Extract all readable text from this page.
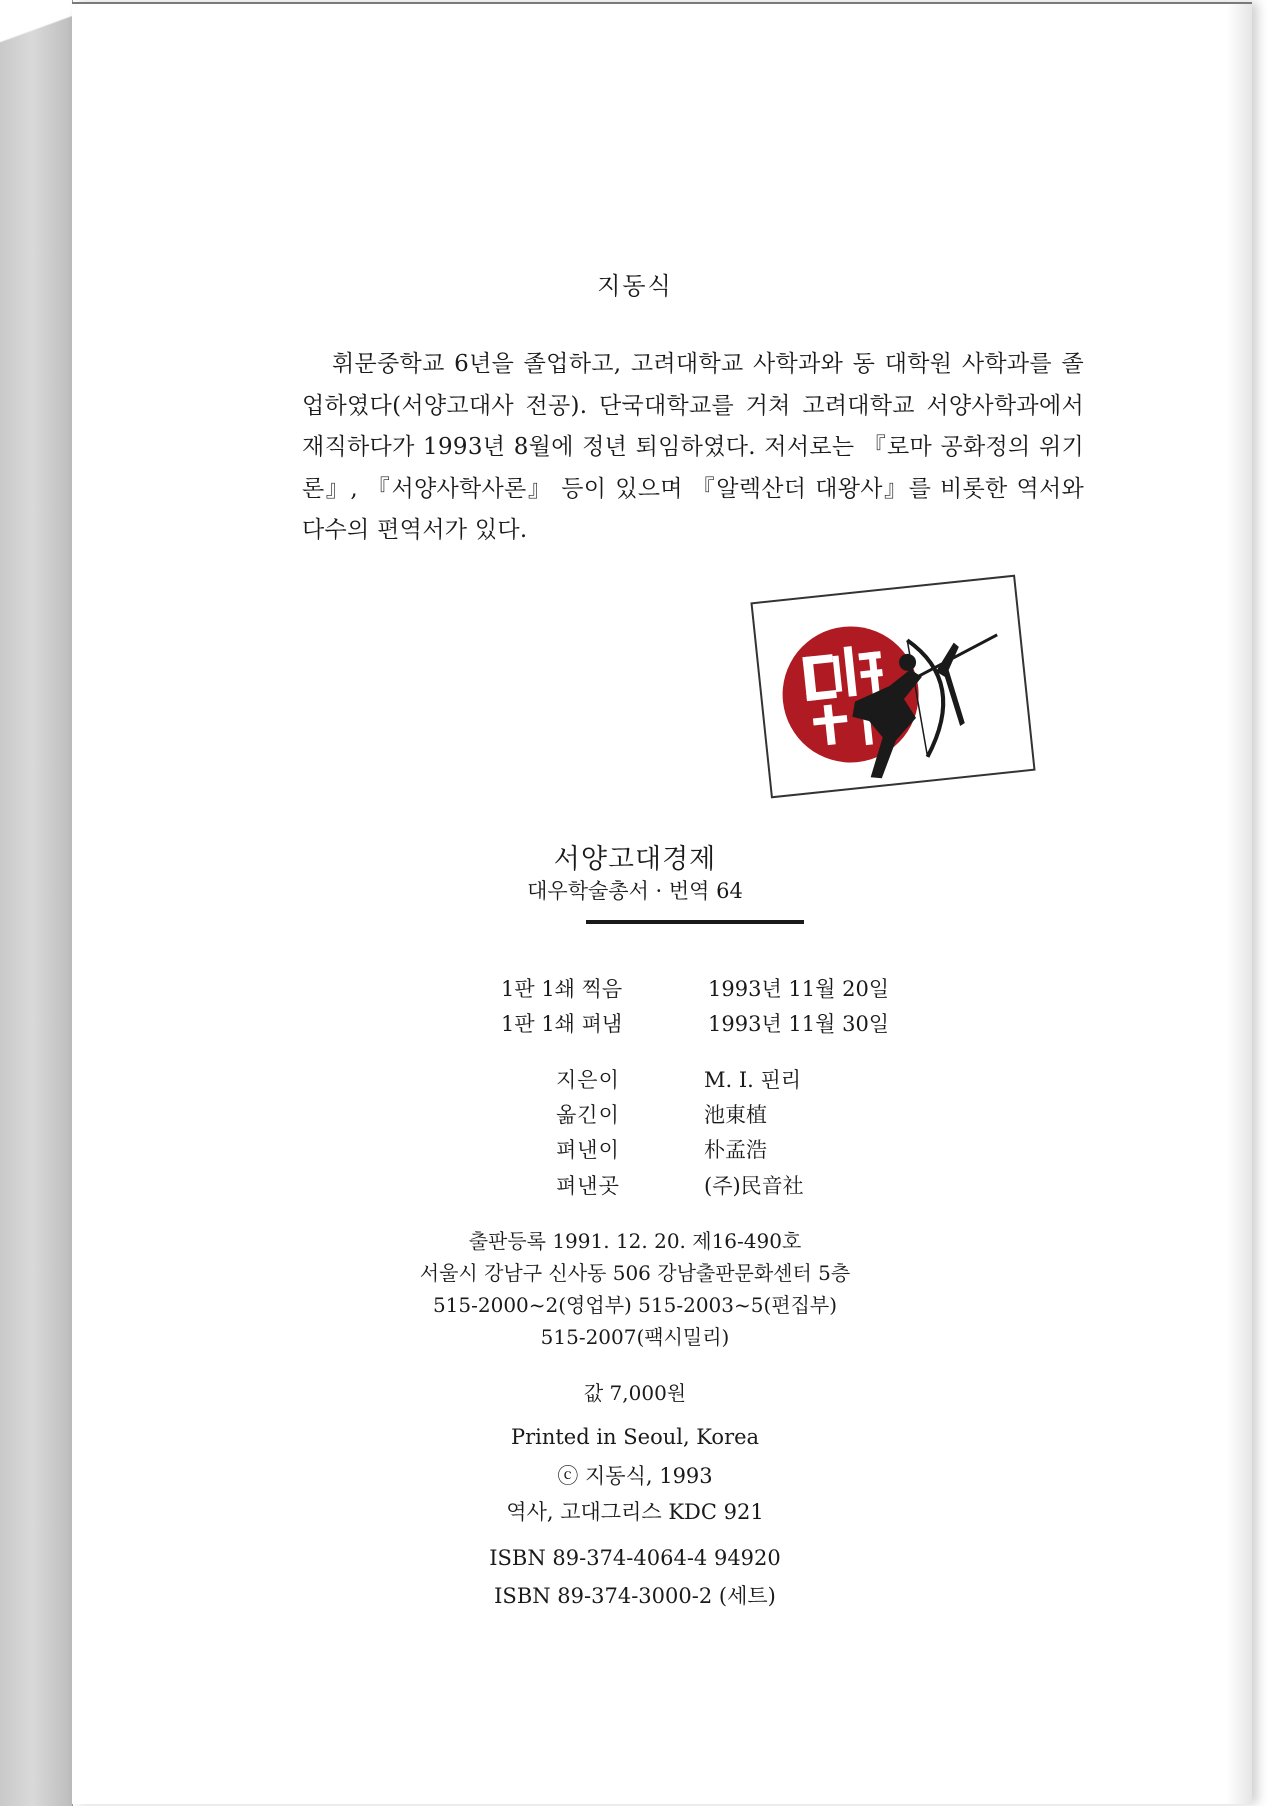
지동식

휘문중학교 6년을 졸업하고, 고려대학교 사학과와 동 대학원 사학과를 졸업하였다(서양고대사 전공). 단국대학교를 거쳐 고려대학교 서양사학과에서 재직하다가 1993년 8월에 정년 퇴임하였다. 저서로는 『로마 공화정의 위기론』, 『서양사학사론』 등이 있으며 『알렉산더 대왕사』를 비롯한 역서와 다수의 편역서가 있다.

서양고대경제
대우학술총서 · 번역 64
1판 1쇄 찍음	1993년 11월 20일
1판 1쇄 펴냄	1993년 11월 30일
지은이	M. I. 핀리
옮긴이	池東植
펴낸이	朴孟浩
펴낸곳	(주)民音社
출판등록 1991. 12. 20. 제16-490호
서울시 강남구 신사동 506 강남출판문화센터 5층
515-2000~2(영업부) 515-2003~5(편집부)
515-2007(팩시밀리)
값 7,000원
Printed in Seoul, Korea
ⓒ 지동식, 1993
역사, 고대그리스 KDC 921
ISBN 89-374-4064-4 94920
ISBN 89-374-3000-2 (세트)
